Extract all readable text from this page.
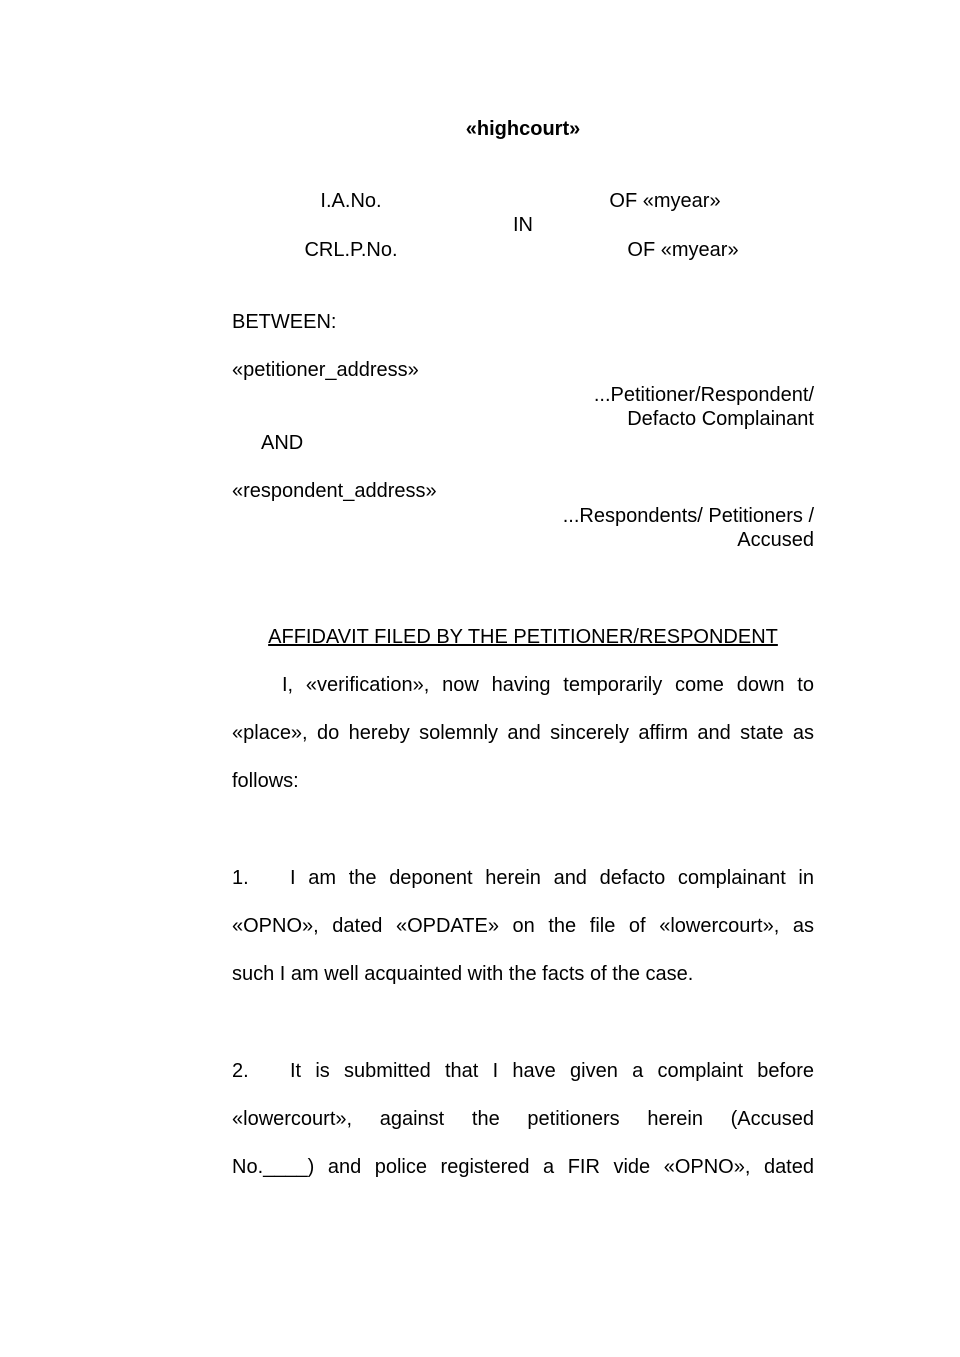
«highcourt»
I.A.No.	OF «myear»
IN
CRL.P.No.	OF «myear»
BETWEEN:
«petitioner_address»
...Petitioner/Respondent/
Defacto Complainant
AND
«respondent_address»
...Respondents/ Petitioners /
Accused
AFFIDAVIT FILED BY THE PETITIONER/RESPONDENT
I, «verification», now having temporarily come down to
«place», do hereby solemnly and sincerely affirm and state as
follows:
1.	I am the deponent herein and defacto complainant in
«OPNO», dated «OPDATE» on the file of «lowercourt», as
such I am well acquainted with the facts of the case.
2.	It is submitted that I have given a complaint before
«lowercourt», against the petitioners herein (Accused
No.____) and police registered a FIR vide «OPNO», dated
